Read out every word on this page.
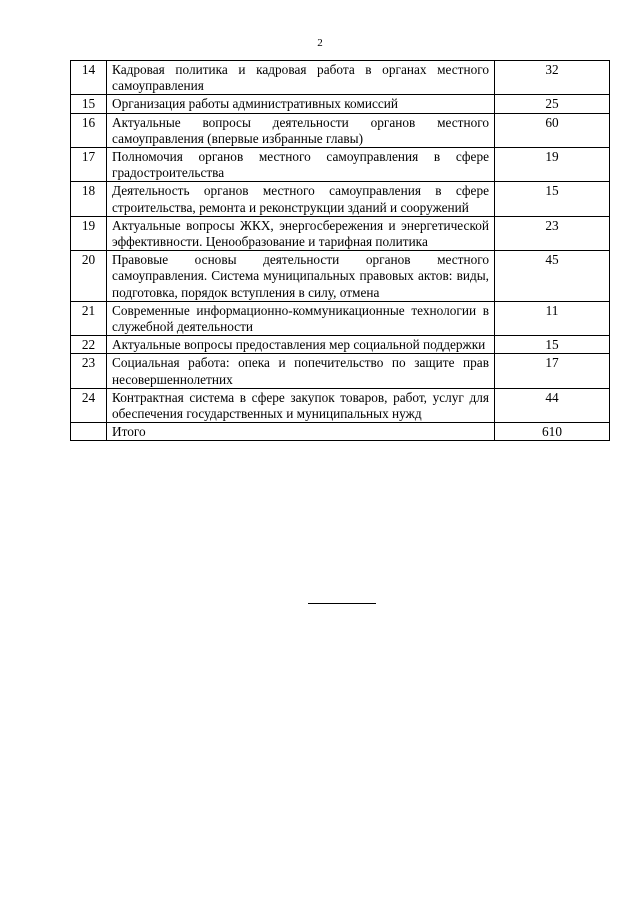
2
14	Кадровая политика и кадровая работа в органах местного самоуправления	32
15	Организация работы административных комиссий	25
16	Актуальные вопросы деятельности органов местного самоуправления (впервые избранные главы)	60
17	Полномочия органов местного самоуправления в сфере градостроительства	19
18	Деятельность органов местного самоуправления в сфере строительства, ремонта и реконструкции зданий и сооружений	15
19	Актуальные вопросы ЖКХ, энергосбережения и энергетической эффективности. Ценообразование и тарифная политика	23
20	Правовые основы деятельности органов местного самоуправления. Система муниципальных правовых актов: виды, подготовка, порядок вступления в силу, отмена	45
21	Современные информационно-коммуникационные технологии в служебной деятельности	11
22	Актуальные вопросы предоставления мер социальной поддержки	15
23	Социальная работа: опека и попечительство по защите прав несовершеннолетних	17
24	Контрактная система в сфере закупок товаров, работ, услуг для обеспечения государственных и муниципальных нужд	44
	Итого	610
